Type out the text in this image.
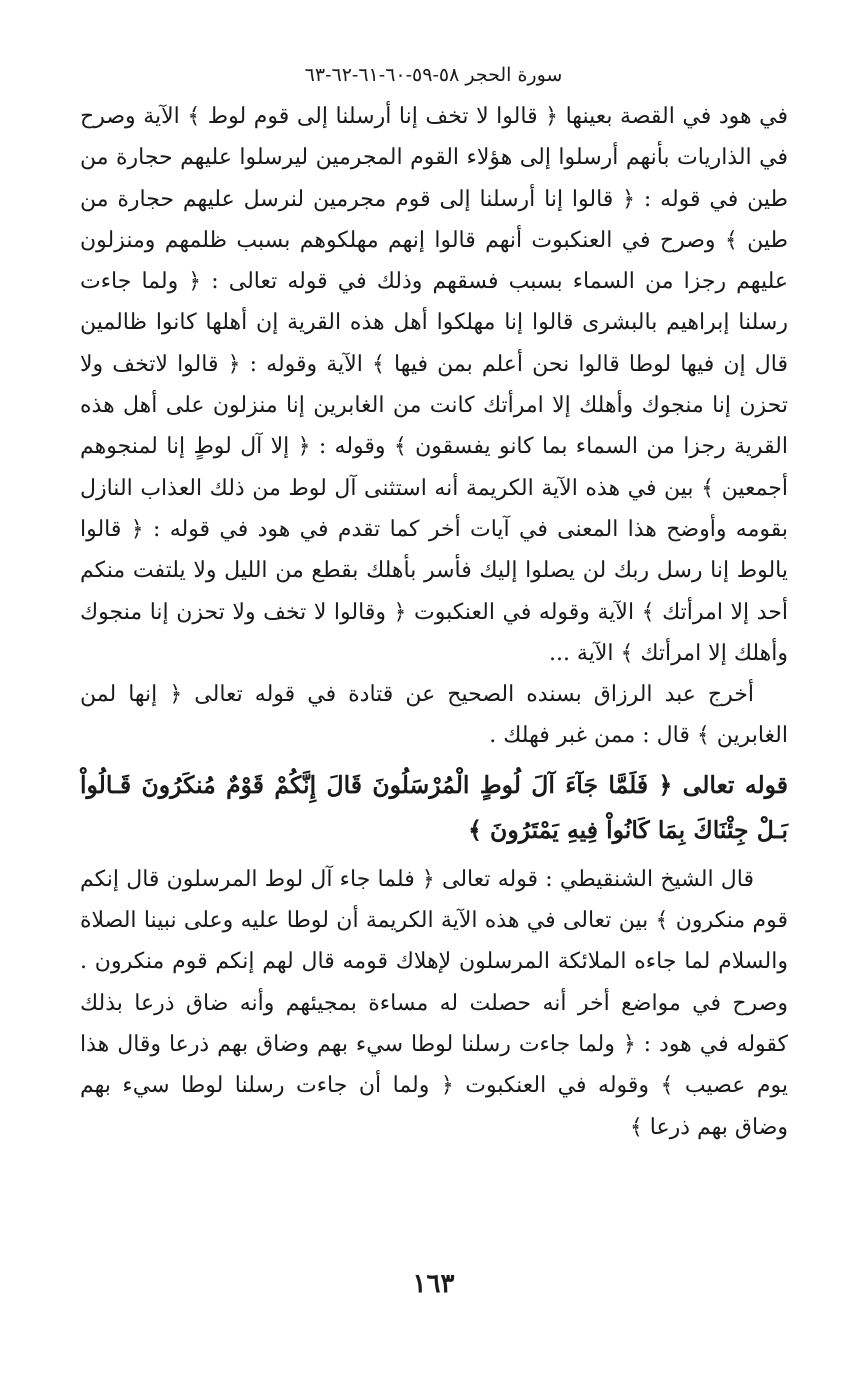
سورة الحجر ٥٨-٥٩-٦٠-٦١-٦٢-٦٣

في هود في القصة بعينها ﴿ قالوا لا تخف إنا أرسلنا إلى قوم لوط ﴾ الآية وصرح في الذاريات بأنهم أرسلوا إلى هؤلاء القوم المجرمين ليرسلوا عليهم حجارة من طين في قوله : ﴿ قالوا إنا أرسلنا إلى قوم مجرمين لنرسل عليهم حجارة من طين ﴾ وصرح في العنكبوت أنهم قالوا إنهم مهلكوهم بسبب ظلمهم ومنزلون عليهم رجزا من السماء بسبب فسقهم وذلك في قوله تعالى : ﴿ ولما جاءت رسلنا إبراهيم بالبشرى قالوا إنا مهلكوا أهل هذه القرية إن أهلها كانوا ظالمين قال إن فيها لوطا قالوا نحن أعلم بمن فيها ﴾ الآية وقوله : ﴿ قالوا لاتخف ولا تحزن إنا منجوك وأهلك إلا امرأتك كانت من الغابرين إنا منزلون على أهل هذه القرية رجزا من السماء بما كانو يفسقون ﴾ وقوله : ﴿ إلا آل لوطٍ إنا لمنجوهم أجمعين ﴾ بين في هذه الآية الكريمة أنه استثنى آل لوط من ذلك العذاب النازل بقومه وأوضح هذا المعنى في آيات أخر كما تقدم في هود في قوله : ﴿ قالوا يالوط إنا رسل ربك لن يصلوا إليك فأسر بأهلك بقطع من الليل ولا يلتفت منكم أحد إلا امرأتك ﴾ الآية وقوله في العنكبوت ﴿ وقالوا لا تخف ولا تحزن إنا منجوك وأهلك إلا امرأتك ﴾ الآية ...

أخرج عبد الرزاق بسنده الصحيح عن قتادة في قوله تعالى ﴿ إنها لمن الغابرين ﴾ قال : ممن غبر فهلك .

قوله تعالى ﴿ فَلَمَّا جَآءَ آلَ لُوطٍ الْمُرْسَلُونَ قَالَ إِنَّكُمْ قَوْمٌ مُنكَرُونَ قَـالُواْ بَـلْ جِئْنَاكَ بِمَا كَانُواْ فِيهِ يَمْتَرُونَ ﴾

قال الشيخ الشنقيطي : قوله تعالى ﴿ فلما جاء آل لوط المرسلون قال إنكم قوم منكرون ﴾ بين تعالى في هذه الآية الكريمة أن لوطا عليه وعلى نبينا الصلاة والسلام لما جاءه الملائكة المرسلون لإهلاك قومه قال لهم إنكم قوم منكرون . وصرح في مواضع أخر أنه حصلت له مساءة بمجيئهم وأنه ضاق ذرعا بذلك كقوله في هود : ﴿ ولما جاءت رسلنا لوطا سيء بهم وضاق بهم ذرعا وقال هذا يوم عصيب ﴾ وقوله في العنكبوت ﴿ ولما أن جاءت رسلنا لوطا سيء بهم وضاق بهم ذرعا ﴾

١٦٣
